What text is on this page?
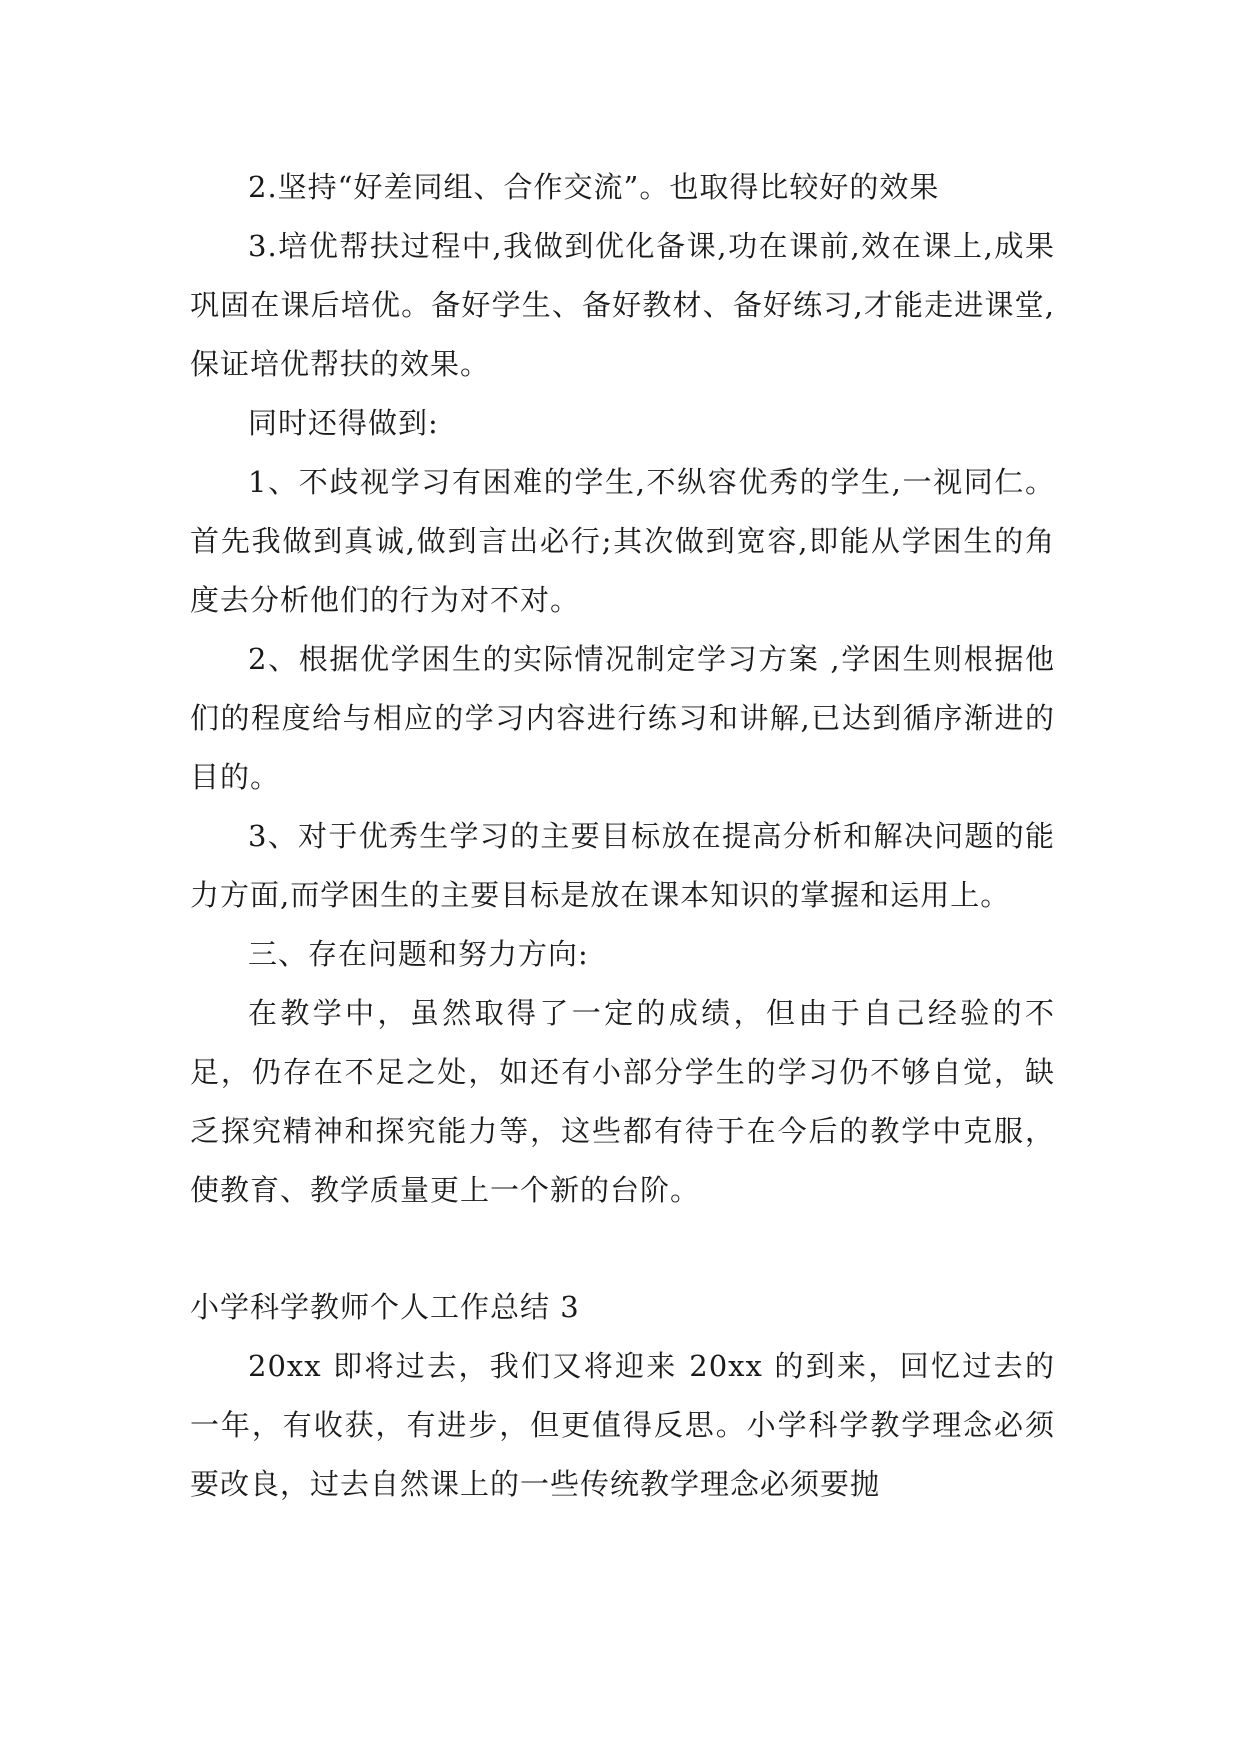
2.坚持“好差同组、合作交流”。也取得比较好的效果

3.培优帮扶过程中,我做到优化备课,功在课前,效在课上,成果巩固在课后培优。备好学生、备好教材、备好练习,才能走进课堂,保证培优帮扶的效果。

同时还得做到:

1、不歧视学习有困难的学生,不纵容优秀的学生,一视同仁。首先我做到真诚,做到言出必行;其次做到宽容,即能从学困生的角度去分析他们的行为对不对。

2、根据优学困生的实际情况制定学习方案 ,学困生则根据他们的程度给与相应的学习内容进行练习和讲解,已达到循序渐进的目的。

3、对于优秀生学习的主要目标放在提高分析和解决问题的能力方面,而学困生的主要目标是放在课本知识的掌握和运用上。

三、存在问题和努力方向:

在教学中，虽然取得了一定的成绩，但由于自己经验的不足，仍存在不足之处，如还有小部分学生的学习仍不够自觉，缺乏探究精神和探究能力等，这些都有待于在今后的教学中克服，使教育、教学质量更上一个新的台阶。

小学科学教师个人工作总结 3

20xx 即将过去，我们又将迎来 20xx 的到来，回忆过去的一年，有收获，有进步，但更值得反思。小学科学教学理念必须要改良，过去自然课上的一些传统教学理念必须要抛
